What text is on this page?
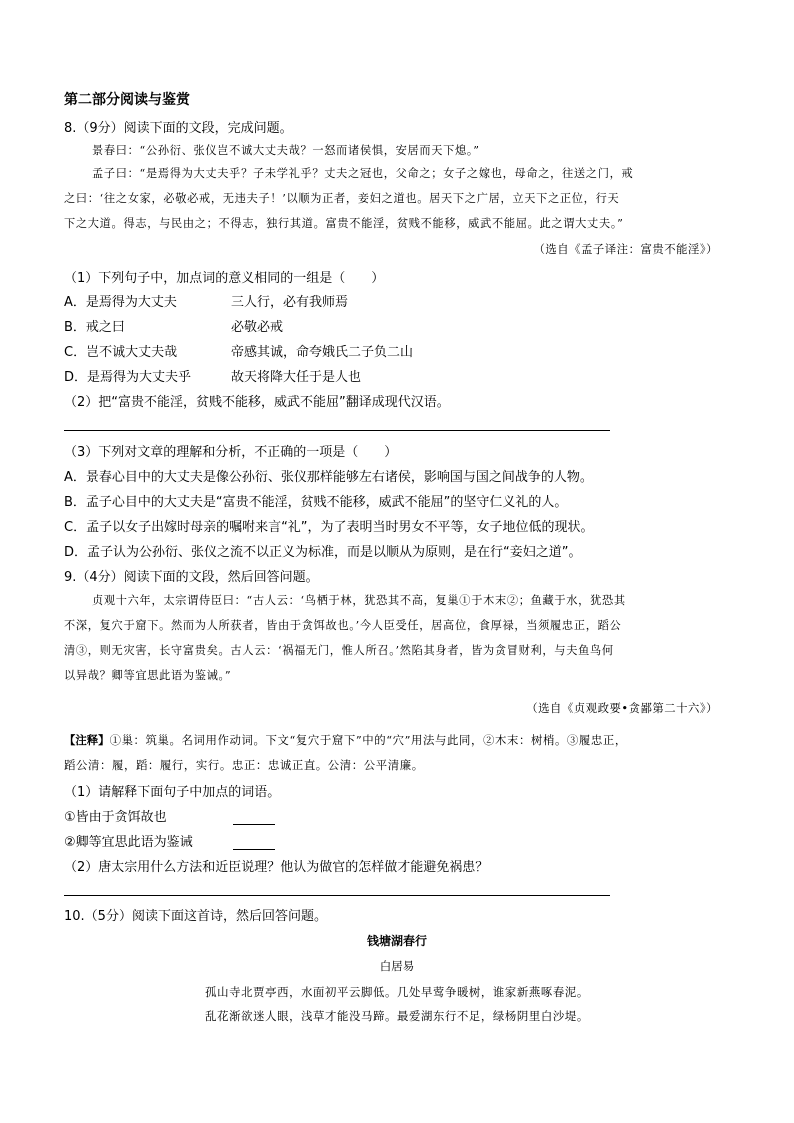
第二部分阅读与鉴赏
8.（9分）阅读下面的文段，完成问题。
景春曰：“公孙衍、张仪岂不诚大丈夫哉？一怒而诸侯惧，安居而天下熄。”
孟子曰：“是焉得为大丈夫乎？子未学礼乎？丈夫之冠也，父命之；女子之嫁也，母命之，往送之门，戒
之曰：‘往之女家，必敬必戒，无违夫子！’以顺为正者，妾妇之道也。居天下之广居，立天下之正位，行天
下之大道。得志，与民由之；不得志，独行其道。富贵不能淫，贫贱不能移，威武不能屈。此之谓大丈夫。”
（选自《孟子译注：富贵不能淫》）
（1）下列句子中，加点词的意义相同的一组是（　　）
A．是焉得为大丈夫	三人行，必有我师焉
B．戒之曰	必敬必戒
C．岂不诚大丈夫哉	帝感其诚，命夸娥氏二子负二山
D．是焉得为大丈夫乎	故天将降大任于是人也
（2）把“富贵不能淫，贫贱不能移，威武不能屈”翻译成现代汉语。
（3）下列对文章的理解和分析，不正确的一项是（　　）
A．景春心目中的大丈夫是像公孙衍、张仪那样能够左右诸侯，影响国与国之间战争的人物。
B．孟子心目中的大丈夫是“富贵不能淫，贫贱不能移，威武不能屈”的坚守仁义礼的人。
C．孟子以女子出嫁时母亲的嘱咐来言“礼”，为了表明当时男女不平等，女子地位低的现状。
D．孟子认为公孙衍、张仪之流不以正义为标准，而是以顺从为原则，是在行“妾妇之道”。
9.（4分）阅读下面的文段，然后回答问题。
贞观十六年，太宗谓侍臣曰：“古人云：‘鸟栖于林，犹恐其不高，复巢①于木末②；鱼藏于水，犹恐其
不深，复穴于窟下。然而为人所获者，皆由于贪饵故也。’今人臣受任，居高位，食厚禄，当须履忠正，蹈公
清③，则无灾害，长守富贵矣。古人云：‘祸福无门，惟人所召。’然陷其身者，皆为贪冒财利，与夫鱼鸟何
以异哉？卿等宜思此语为鉴诫。”
（选自《贞观政要•贪鄙第二十六》）
【注释】①巢：筑巢。名词用作动词。下文“复穴于窟下”中的“穴”用法与此同，②木末：树梢。③履忠正，
蹈公清：履，蹈：履行，实行。忠正：忠诚正直。公清：公平清廉。
（1）请解释下面句子中加点的词语。
①皆由于贪饵故也
②卿等宜思此语为鉴诫
（2）唐太宗用什么方法和近臣说理？他认为做官的怎样做才能避免祸患？
10.（5分）阅读下面这首诗，然后回答问题。
钱塘湖春行
白居易
孤山寺北贾亭西，水面初平云脚低。几处早莺争暖树，谁家新燕啄春泥。
乱花渐欲迷人眼，浅草才能没马蹄。最爱湖东行不足，绿杨阴里白沙堤。
